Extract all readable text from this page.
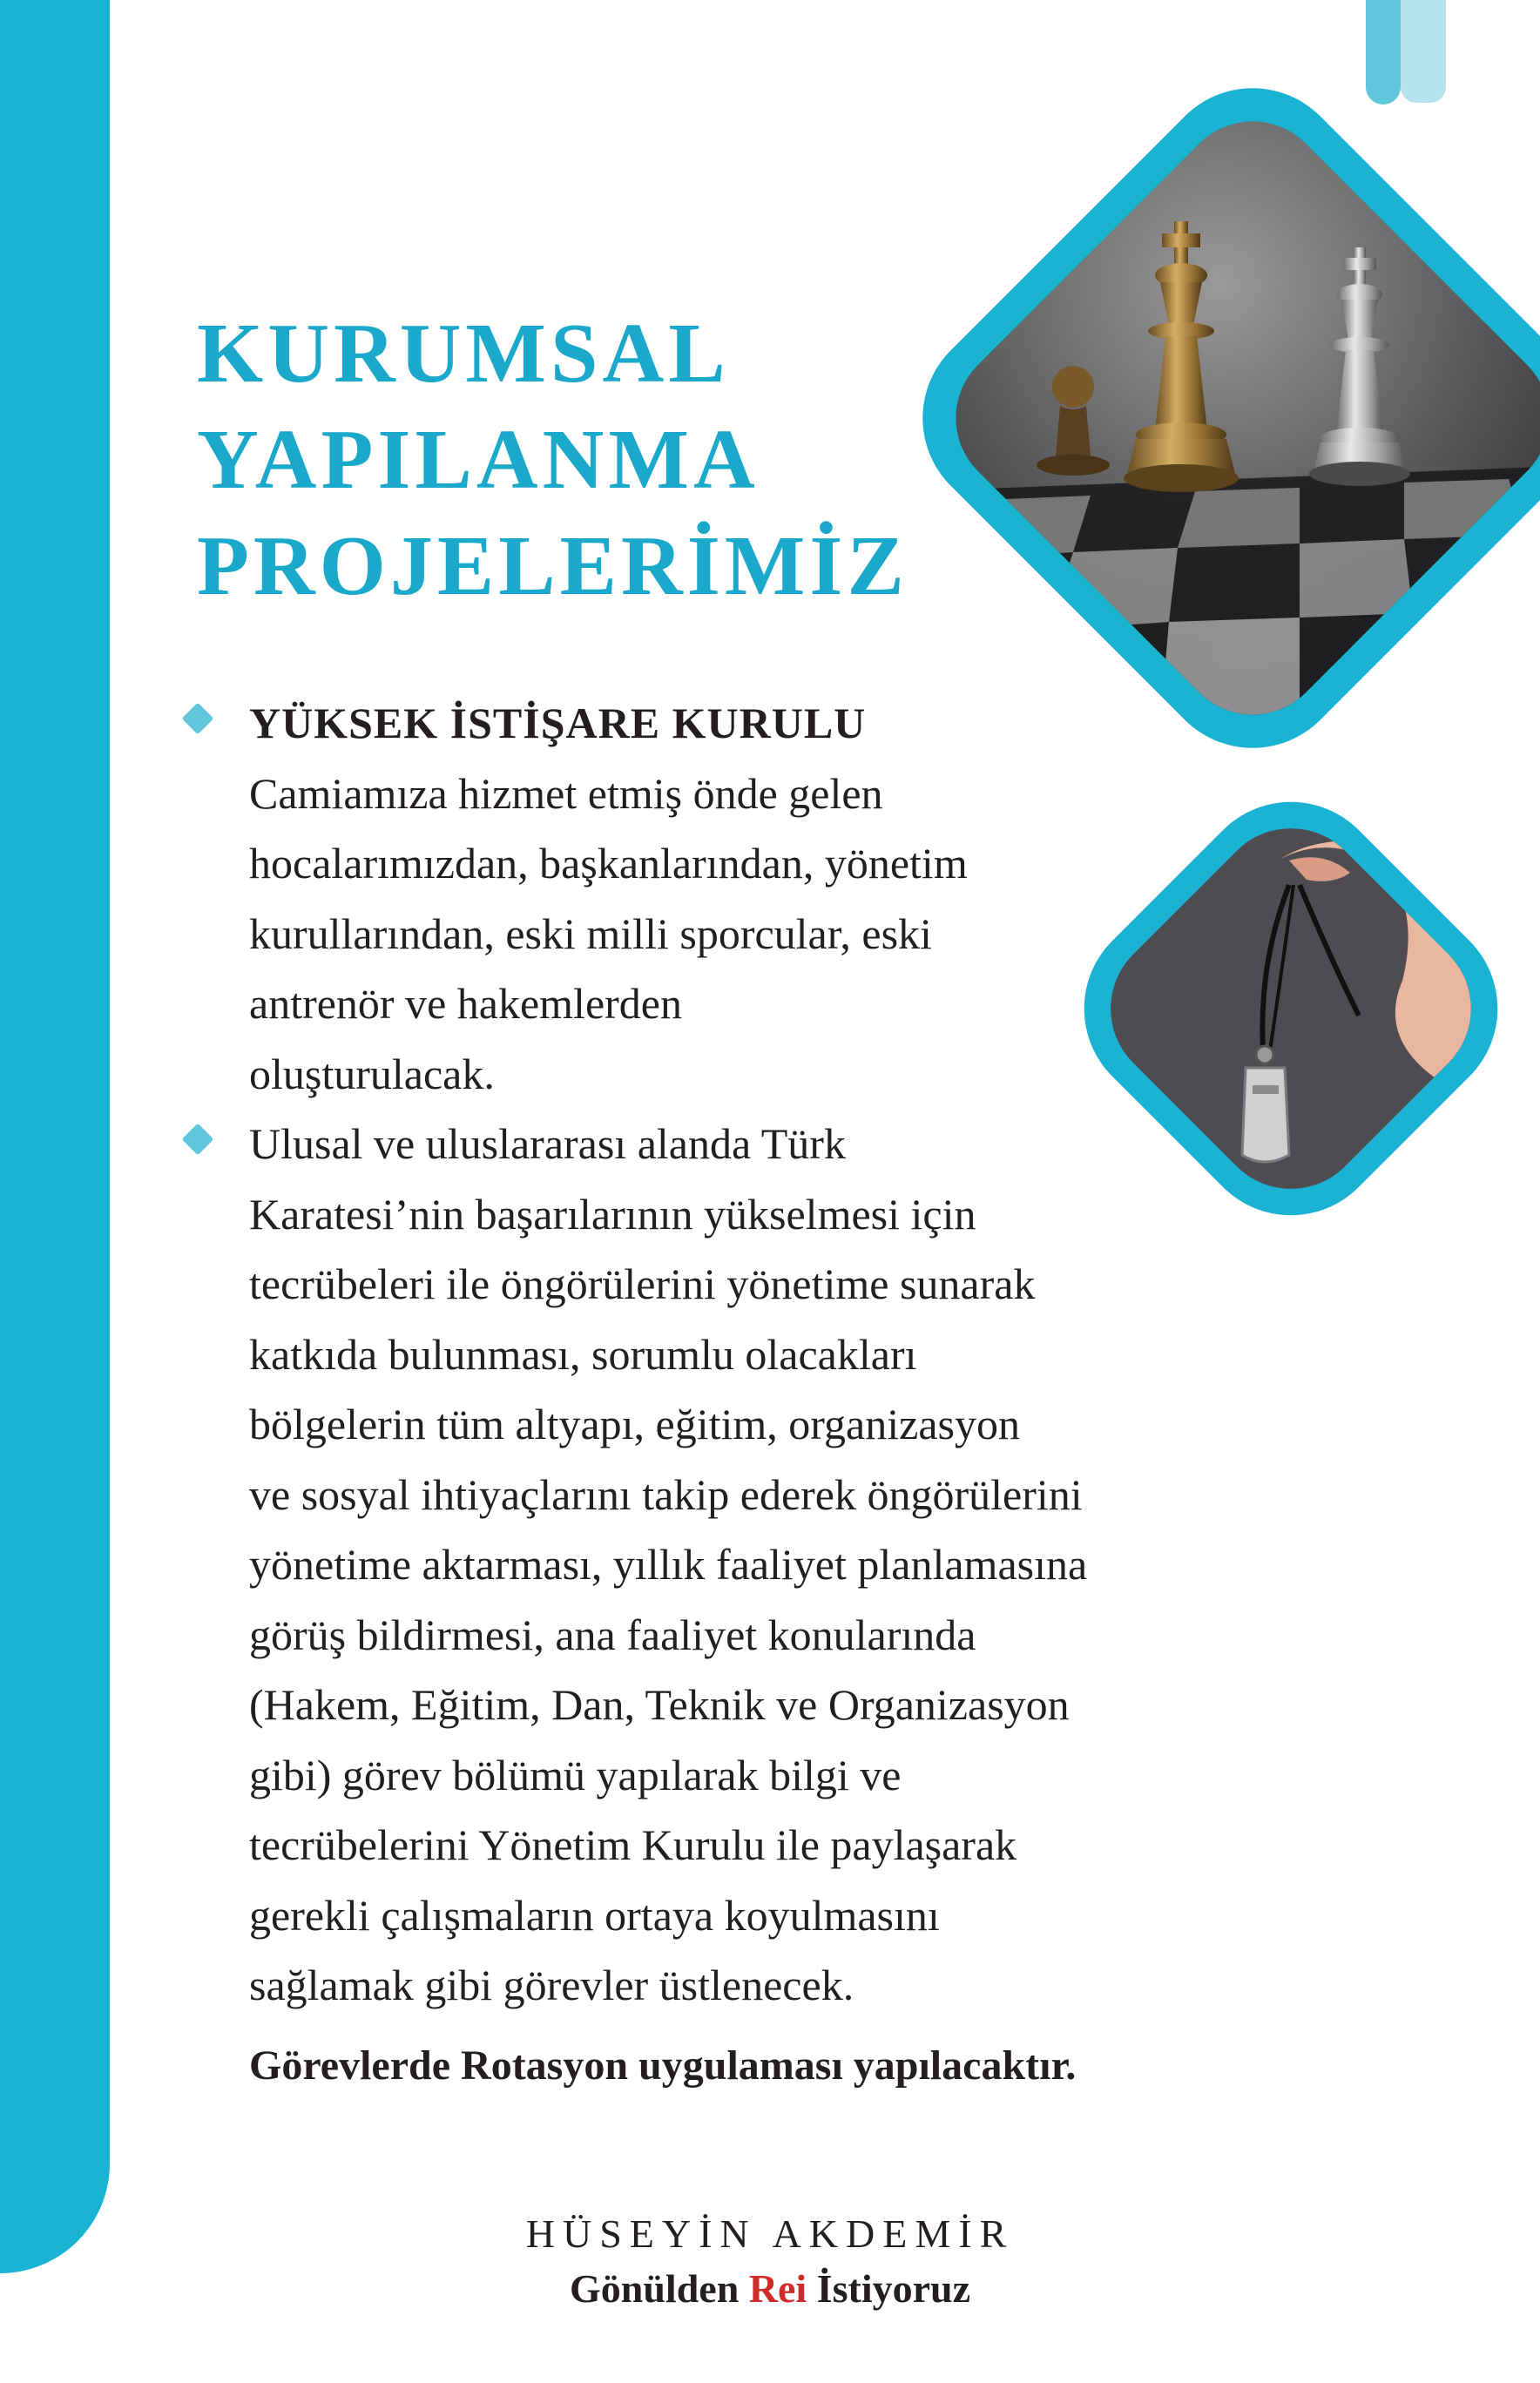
KURUMSAL
YAPILANMA
PROJELERİMİZ
YÜKSEK İSTİŞARE KURULU
Camiamıza hizmet etmiş önde gelen
hocalarımızdan, başkanlarından, yönetim
kurullarından, eski milli sporcular, eski
antrenör ve hakemlerden
oluşturulacak.
Ulusal ve uluslararası alanda Türk
Karatesi’nin başarılarının yükselmesi için
tecrübeleri ile öngörülerini yönetime sunarak
katkıda bulunması, sorumlu olacakları
bölgelerin tüm altyapı, eğitim, organizasyon
ve sosyal ihtiyaçlarını takip ederek öngörülerini
yönetime aktarması, yıllık faaliyet planlamasına
görüş bildirmesi, ana faaliyet konularında
(Hakem, Eğitim, Dan, Teknik ve Organizasyon
gibi) görev bölümü yapılarak bilgi ve
tecrübelerini Yönetim Kurulu ile paylaşarak
gerekli çalışmaların ortaya koyulmasını
sağlamak gibi görevler üstlenecek.

Görevlerde Rotasyon uygulaması yapılacaktır.

HÜSEYİN AKDEMİR
Gönülden Rei İstiyoruz
